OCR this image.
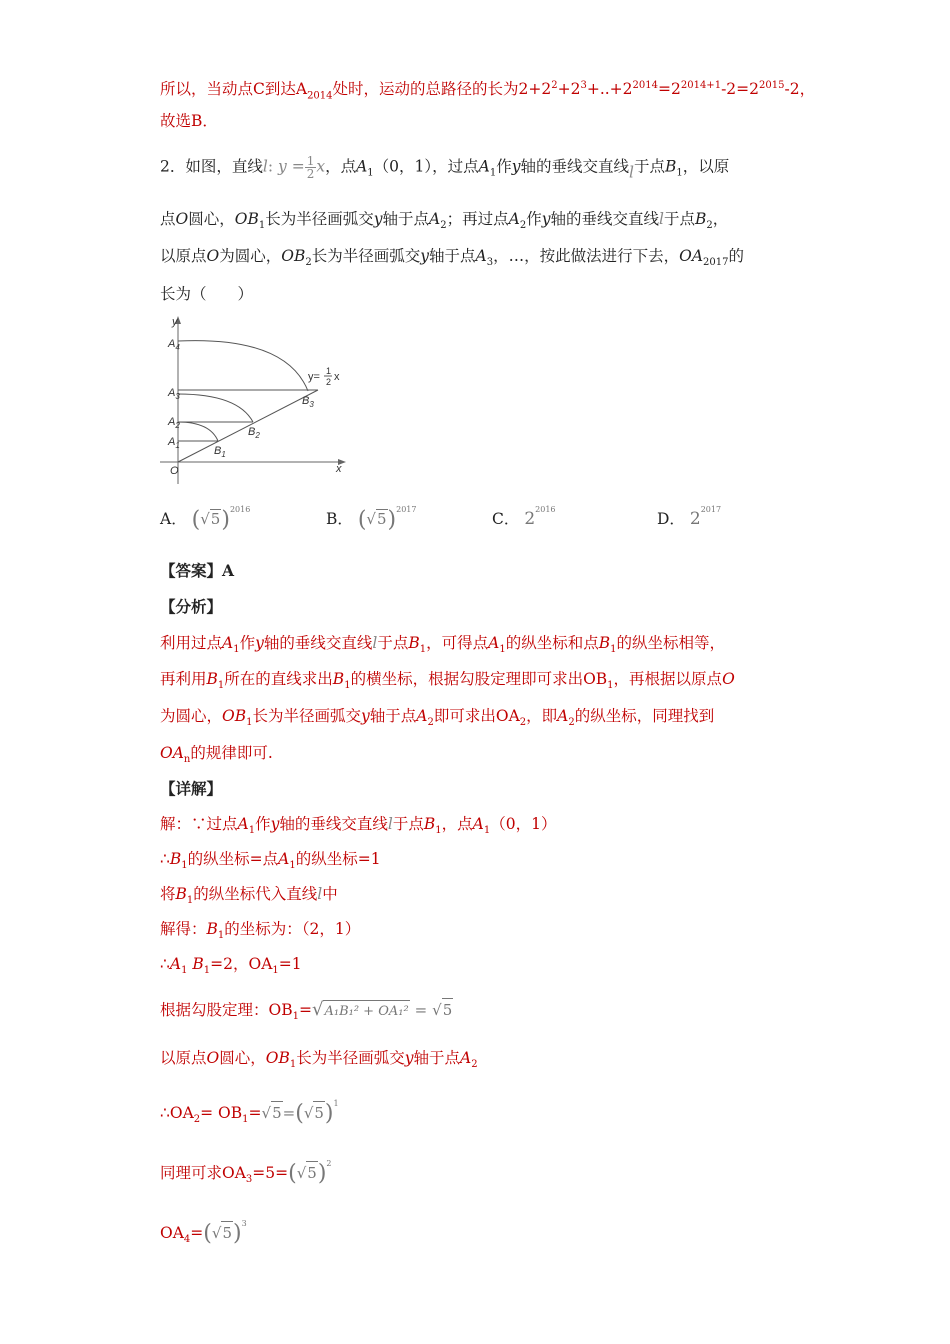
所以，当动点C到达$A_{2014}$处时，运动的总路径的长为$2+2^2+2^3+..+2^{2014}=2^{2014+1}-2=2^{2015}-2$，
故选B．
2．如图，直线l: $y = \frac{1}{2}$ x，点$A_1(0$，1），过点$A_1$作y轴的垂线交直线l于点$B_1$，以原
点O圆心，$OB_1$长为半径画弧交y轴于点$A_2$；再过点$A_2$作y轴的垂线交直线l于点$B_2$，
以原点O为圆心，$OB_2$长为半径画弧交y轴于点$A_3$，…，按此做法进行下去，$OA_{2017}$的
长为（　　）
y
x
O
$A_4$
$A_3$
$A_2$
$A_1$
$B_3$
$B_2$
$B_1$
y= 1
2 x
A． $(√5)^{2016}$
B． $(√5)^{2017}$
C． $2^{2016}$
D． $2^{2017}$
【答案】A
【分析】
利用过点$A_1$作y轴的垂线交直线l于点$B_1$，可得点$A_1$的纵坐标和点$B_1$的纵坐标相等，
再利用$B_1$所在的直线求出$B_1$的横坐标，根据勾股定理即可求出$OB_1$，再根据以原点O
为圆心，$OB_1$长为半径画弧交y轴于点$A_2$即可求出$OA_2$，即$A_2$的纵坐标，同理找到
$OA_n$的规律即可.
【详解】
解：∵过点$A_1$作y轴的垂线交直线l于点$B_1$，点$A_1(0$，1）
$\therefore B_1$的纵坐标=点$A_1$的纵坐标=1
将$B_1$的纵坐标代入直线l中
解得：$B_1$的坐标为：（2，1）
$\therefore A_1$ $B_1=2$，$OA_1=1$
根据勾股定理：$OB_1=√A_1B_1^2 + OA_1^2 = √5$
以原点O圆心，$OB_1$长为半径画弧交y轴于点$A_2$
$\therefore OA_2= OB_1=√5=(√5)^1$
同理可求$OA_3=5=(√5)^2$
$OA_4=(√5)^3$
